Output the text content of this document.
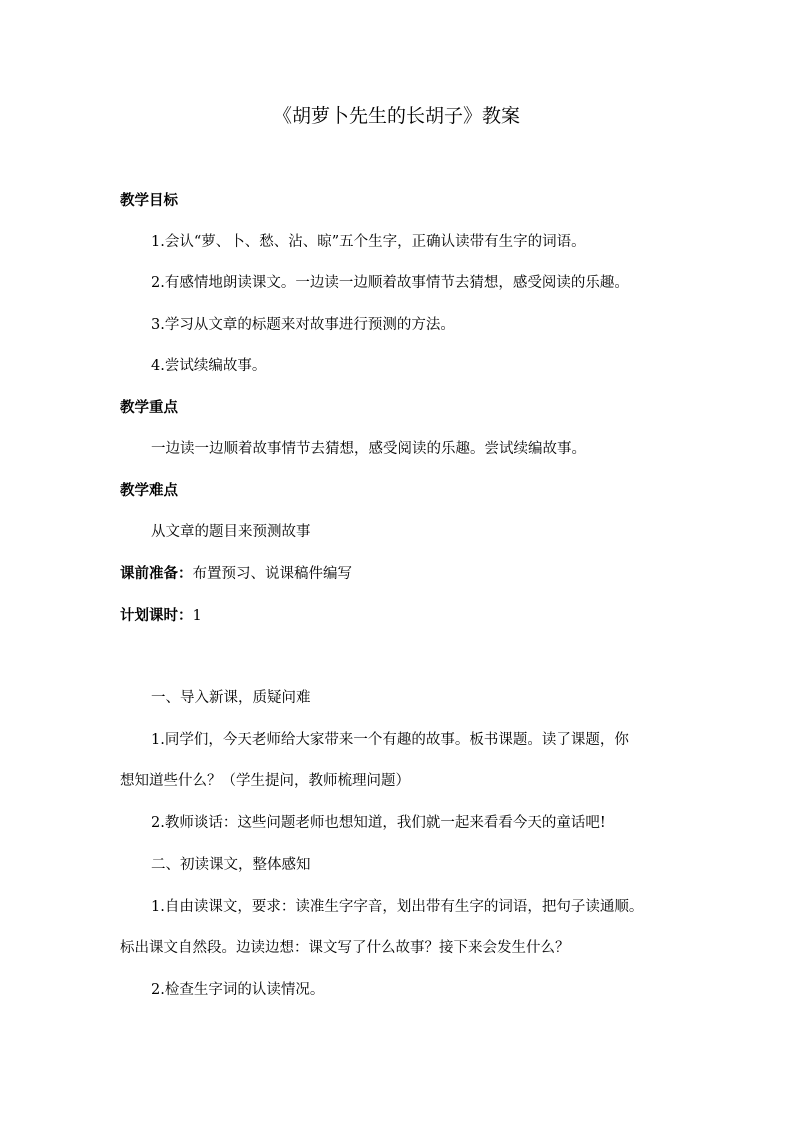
《胡萝卜先生的长胡子》教案
教学目标
1.会认“萝、卜、愁、沾、晾”五个生字，正确认读带有生字的词语。
2.有感情地朗读课文。一边读一边顺着故事情节去猜想，感受阅读的乐趣。
3.学习从文章的标题来对故事进行预测的方法。
4.尝试续编故事。
教学重点
一边读一边顺着故事情节去猜想，感受阅读的乐趣。尝试续编故事。
教学难点
从文章的题目来预测故事
课前准备：布置预习、说课稿件编写
计划课时：1
一、导入新课，质疑问难
1.同学们，今天老师给大家带来一个有趣的故事。板书课题。读了课题，你
想知道些什么？（学生提问，教师梳理问题）
2.教师谈话：这些问题老师也想知道，我们就一起来看看今天的童话吧!
二、初读课文，整体感知
1.自由读课文，要求：读准生字字音，划出带有生字的词语，把句子读通顺。
标出课文自然段。边读边想：课文写了什么故事？接下来会发生什么？
2.检查生字词的认读情况。
